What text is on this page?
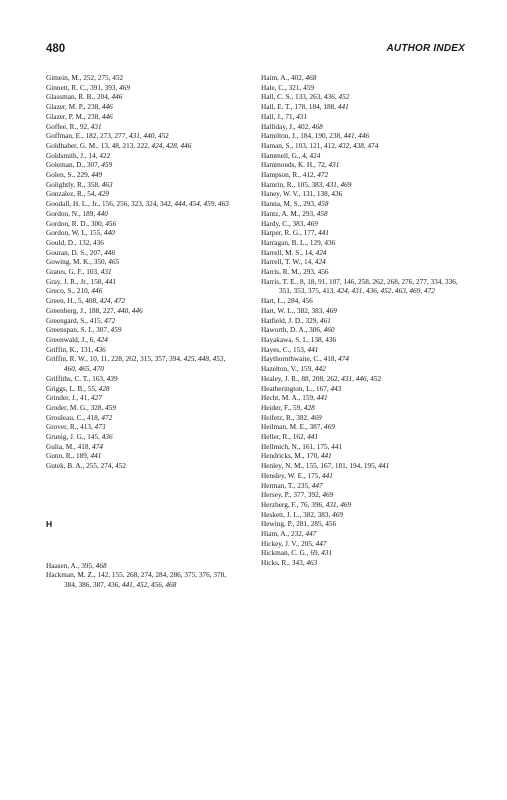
480	AUTHOR INDEX
Gimein, M., 252, 275, 452
Ginnett, R. C., 391, 393, 469
Glassman, R. B., 204, 446
Glazer, M. P., 238, 446
Glazer, P. M., 238, 446
Goffee, R., 92, 431
Goffman, E., 182, 273, 277, 431, 440, 452
Goldhaber, G. M., 13, 48, 213, 222, 424, 428, 446
Goldsmith, J., 14, 422
Goleman, D., 307, 459
Golen, S., 229, 449
Golightly, R., 358, 463
Gonzalez, R., 54, 429
Goodall, H. L., Jr., 156, 256, 323, 324, 342, 444, 454, 459, 463
Gordon, N., 189, 440
Gordon, R. D., 300, 456
Gordon, W. I., 155, 440
Gould, D., 132, 436
Gouran, D. S., 207, 446
Gowing, M. K., 350, 465
Grates, G. F., 103, 431
Gray, J. R., Jr., 158, 441
Greco, S., 210, 446
Green, H., 5, 408, 424, 472
Greenberg, J., 188, 227, 440, 446
Greengard, S., 415, 472
Greenspan, S. I., 307, 459
Greenwald, J., 6, 424
Griffin, K., 131, 436
Griffin, R. W., 10, 11, 228, 262, 315, 357, 394, 425, 448, 453, 460, 465, 470
Griffiths, C. T., 163, 439
Griggs, L. B., 55, 428
Grinder, J., 41, 427
Groder, M. G., 328, 459
Grouleau, C., 418, 472
Grover, R., 413, 473
Grunig, J. G., 145, 436
Gulia, M., 418, 474
Gunn, R., 189, 441
Gutek, B. A., 255, 274, 452
H
Haasen, A., 395, 468
Hackman, M. Z., 142, 155, 268, 274, 284, 286, 375, 376, 378, 384, 386, 387, 436, 441, 452, 456, 468
Haim, A., 402, 468
Hale, C., 321, 459
Hall, C. S., 133, 263, 436, 452
Hall, E. T., 178, 184, 188, 441
Hall, J., 71, 431
Halliday, J., 402, 468
Hamilton, J., 184, 190, 238, 441, 446
Haman, S., 103, 121, 412, 432, 438, 474
Hammell, G., 4, 424
Hammonds, K. H., 72, 431
Hampson, R., 412, 472
Hamrin, R., 105, 383, 431, 469
Haney, W. V., 131, 138, 436
Hanna, M. S., 293, 458
Hantz, A. M., 293, 458
Hardy, C., 383, 469
Harper, R. G., 177, 441
Harragan, B. L., 129, 436
Harrell, M. S., 14, 424
Harrell, T. W., 14, 424
Harris, R. M., 293, 456
Harris, T. E., 8, 18, 91, 107, 146, 258, 262, 268, 276, 277, 334, 336, 351, 353, 375, 413, 424, 431, 436, 452, 463, 469, 472
Hart, L., 284, 456
Hart, W. L., 382, 383, 469
Hatfield, J. D., 329, 461
Haworth, D. A., 306, 460
Hayakawa, S. I., 138, 436
Hayes, C., 153, 441
Haythornthwaite, C., 418, 474
Hazelton, V., 159, 442
Healey, J. R., 88, 208, 262, 431, 446, 452
Heatherington, L., 167, 443
Hecht, M. A., 159, 441
Heider, F., 59, 428
Heifetz, R., 382, 469
Heilman, M. E., 387, 469
Heller, R., 162, 441
Hellmich, N., 161, 175, 441
Hendricks, M., 170, 441
Henley, N. M., 155, 167, 181, 194, 195, 441
Hensley, W. E., 175, 441
Herman, T., 235, 447
Hersey, P., 377, 392, 469
Herzberg, F., 76, 396, 431, 469
Heskett, J. L., 382, 383, 469
Hewing, P., 281, 285, 456
Hiam, A., 232, 447
Hickey, J. V., 205, 447
Hickman, C. G., 69, 431
Hicks, R., 343, 463
